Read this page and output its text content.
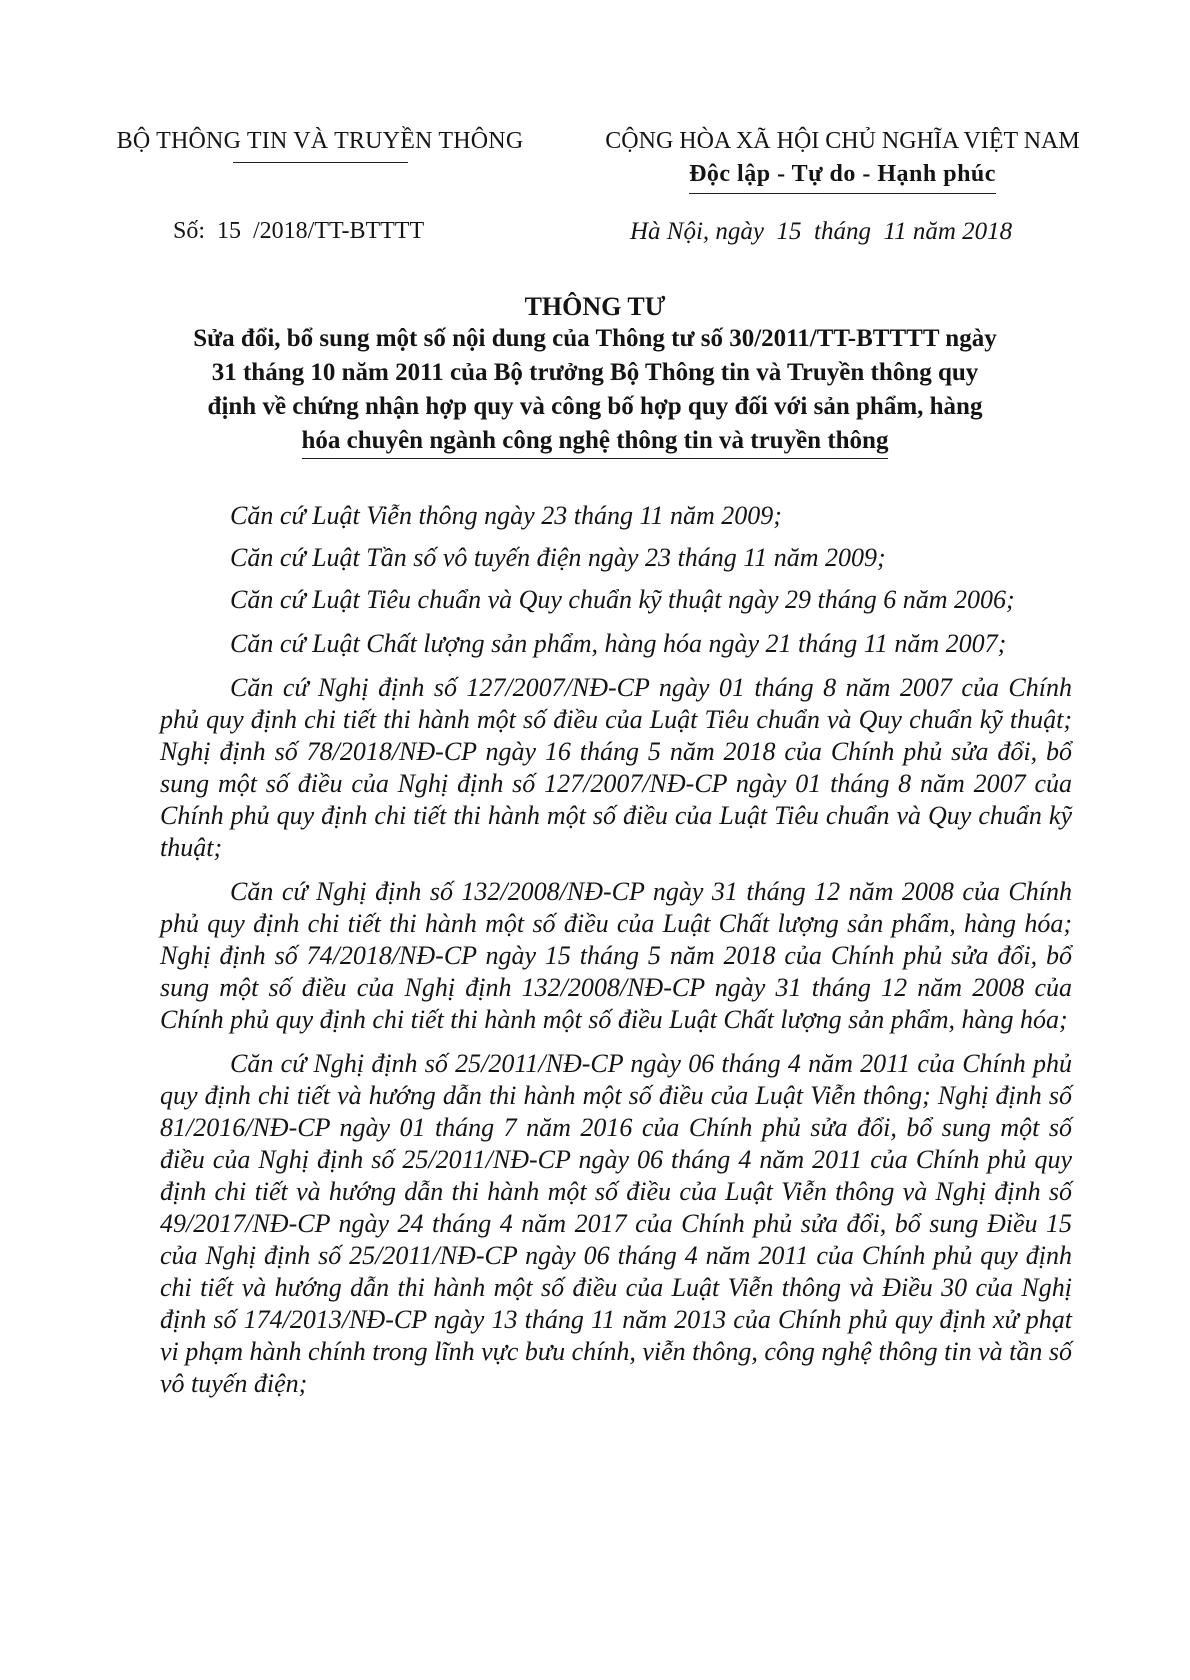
BỘ THÔNG TIN VÀ TRUYỀN THÔNG	CỘNG HÒA XÃ HỘI CHỦ NGHĨA VIỆT NAM
Độc lập - Tự do - Hạnh phúc
Số:  15  /2018/TT-BTTTT	Hà Nội, ngày  15  tháng  11 năm 2018
THÔNG TƯ
Sửa đổi, bổ sung một số nội dung của Thông tư số 30/2011/TT-BTTTT ngày
31 tháng 10 năm 2011 của Bộ trưởng Bộ Thông tin và Truyền thông quy
định về chứng nhận hợp quy và công bố hợp quy đối với sản phẩm, hàng
hóa chuyên ngành công nghệ thông tin và truyền thông

Căn cứ Luật Viễn thông ngày 23 tháng 11 năm 2009;

Căn cứ Luật Tần số vô tuyến điện ngày 23 tháng 11 năm 2009;

Căn cứ Luật Tiêu chuẩn và Quy chuẩn kỹ thuật ngày 29 tháng 6 năm 2006;

Căn cứ Luật Chất lượng sản phẩm, hàng hóa ngày 21 tháng 11 năm 2007;

Căn cứ Nghị định số 127/2007/NĐ-CP ngày 01 tháng 8 năm 2007 của Chính phủ quy định chi tiết thi hành một số điều của Luật Tiêu chuẩn và Quy chuẩn kỹ thuật; Nghị định số 78/2018/NĐ-CP ngày 16 tháng 5 năm 2018 của Chính phủ sửa đổi, bổ sung một số điều của Nghị định số 127/2007/NĐ-CP ngày 01 tháng 8 năm 2007 của Chính phủ quy định chi tiết thi hành một số điều của Luật Tiêu chuẩn và Quy chuẩn kỹ thuật;

Căn cứ Nghị định số 132/2008/NĐ-CP ngày 31 tháng 12 năm 2008 của Chính phủ quy định chi tiết thi hành một số điều của Luật Chất lượng sản phẩm, hàng hóa; Nghị định số 74/2018/NĐ-CP ngày 15 tháng 5 năm 2018 của Chính phủ sửa đổi, bổ sung một số điều của Nghị định 132/2008/NĐ-CP ngày 31 tháng 12 năm 2008 của Chính phủ quy định chi tiết thi hành một số điều Luật Chất lượng sản phẩm, hàng hóa;

Căn cứ Nghị định số 25/2011/NĐ-CP ngày 06 tháng 4 năm 2011 của Chính phủ quy định chi tiết và hướng dẫn thi hành một số điều của Luật Viễn thông; Nghị định số 81/2016/NĐ-CP ngày 01 tháng 7 năm 2016 của Chính phủ sửa đổi, bổ sung một số điều của Nghị định số 25/2011/NĐ-CP ngày 06 tháng 4 năm 2011 của Chính phủ quy định chi tiết và hướng dẫn thi hành một số điều của Luật Viễn thông và Nghị định số 49/2017/NĐ-CP ngày 24 tháng 4 năm 2017 của Chính phủ sửa đổi, bổ sung Điều 15 của Nghị định số 25/2011/NĐ-CP ngày 06 tháng 4 năm 2011 của Chính phủ quy định chi tiết và hướng dẫn thi hành một số điều của Luật Viễn thông và Điều 30 của Nghị định số 174/2013/NĐ-CP ngày 13 tháng 11 năm 2013 của Chính phủ quy định xử phạt vi phạm hành chính trong lĩnh vực bưu chính, viễn thông, công nghệ thông tin và tần số vô tuyến điện;
